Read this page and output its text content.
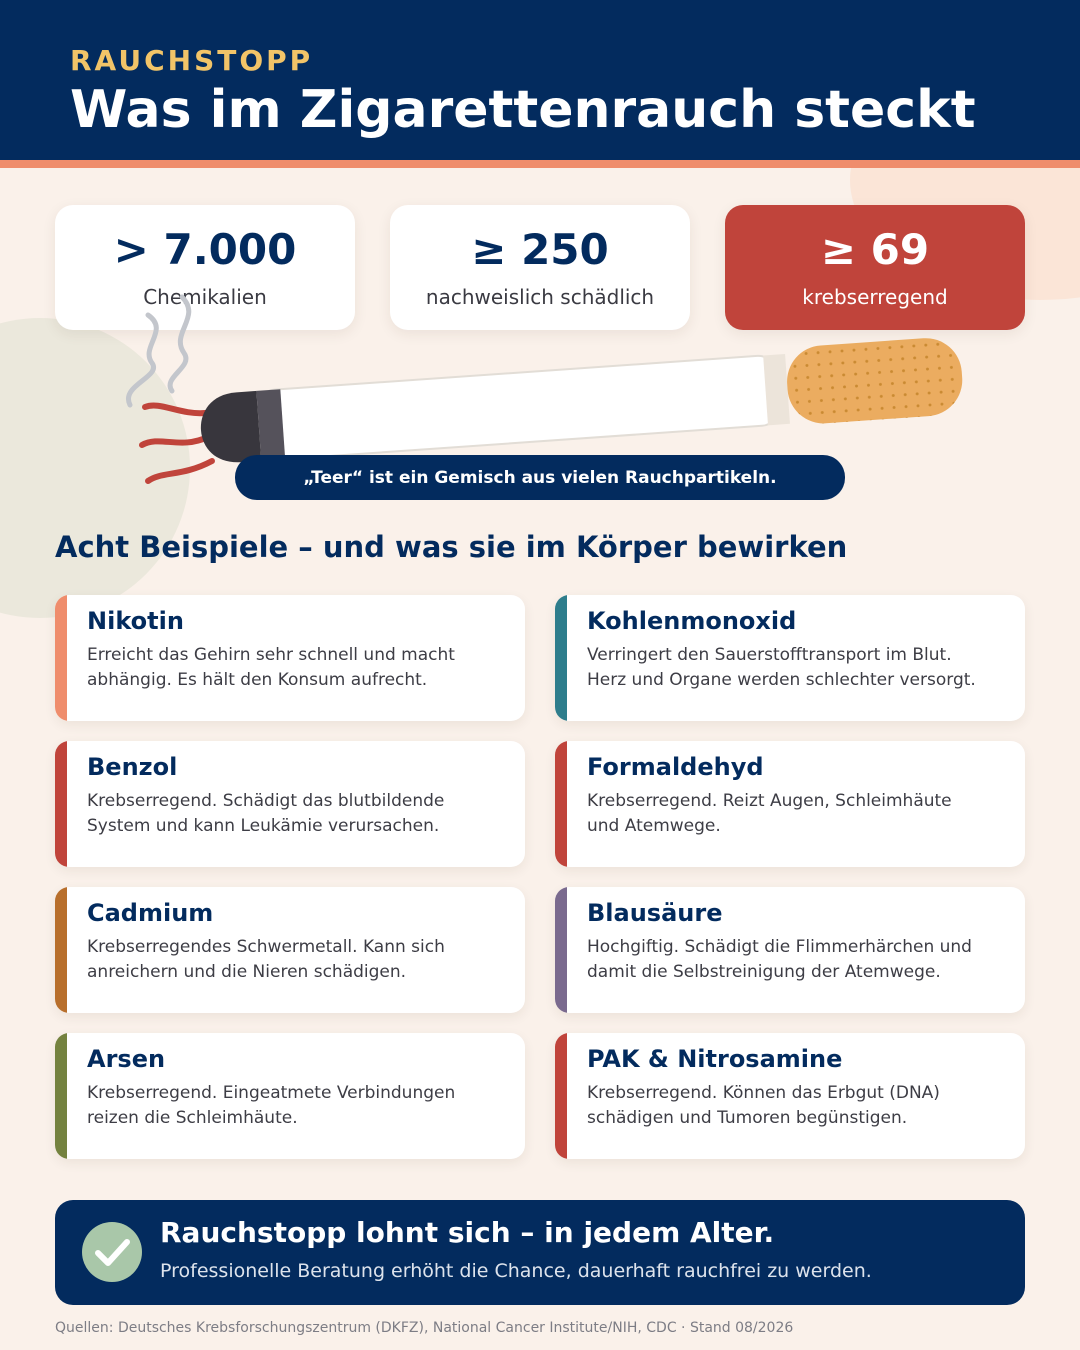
RAUCHSTOPP

Was im Zigarettenrauch steckt
> 7.000
Chemikalien
≥ 250
nachweislich schädlich
≥ 69
krebserregend
„Teer“ ist ein Gemisch aus vielen Rauchpartikeln.
Acht Beispiele – und was sie im Körper bewirken
Nikotin
Erreicht das Gehirn sehr schnell und macht
abhängig. Es hält den Konsum aufrecht.
Kohlenmonoxid
Verringert den Sauerstofftransport im Blut.
Herz und Organe werden schlechter versorgt.
Benzol
Krebserregend. Schädigt das blutbildende
System und kann Leukämie verursachen.
Formaldehyd
Krebserregend. Reizt Augen, Schleimhäute
und Atemwege.
Cadmium
Krebserregendes Schwermetall. Kann sich
anreichern und die Nieren schädigen.
Blausäure
Hochgiftig. Schädigt die Flimmerhärchen und
damit die Selbstreinigung der Atemwege.
Arsen
Krebserregend. Eingeatmete Verbindungen
reizen die Schleimhäute.
PAK & Nitrosamine
Krebserregend. Können das Erbgut (DNA)
schädigen und Tumoren begünstigen.
Rauchstopp lohnt sich – in jedem Alter.
Professionelle Beratung erhöht die Chance, dauerhaft rauchfrei zu werden.
Quellen: Deutsches Krebsforschungszentrum (DKFZ), National Cancer Institute/NIH, CDC · Stand 08/2026
